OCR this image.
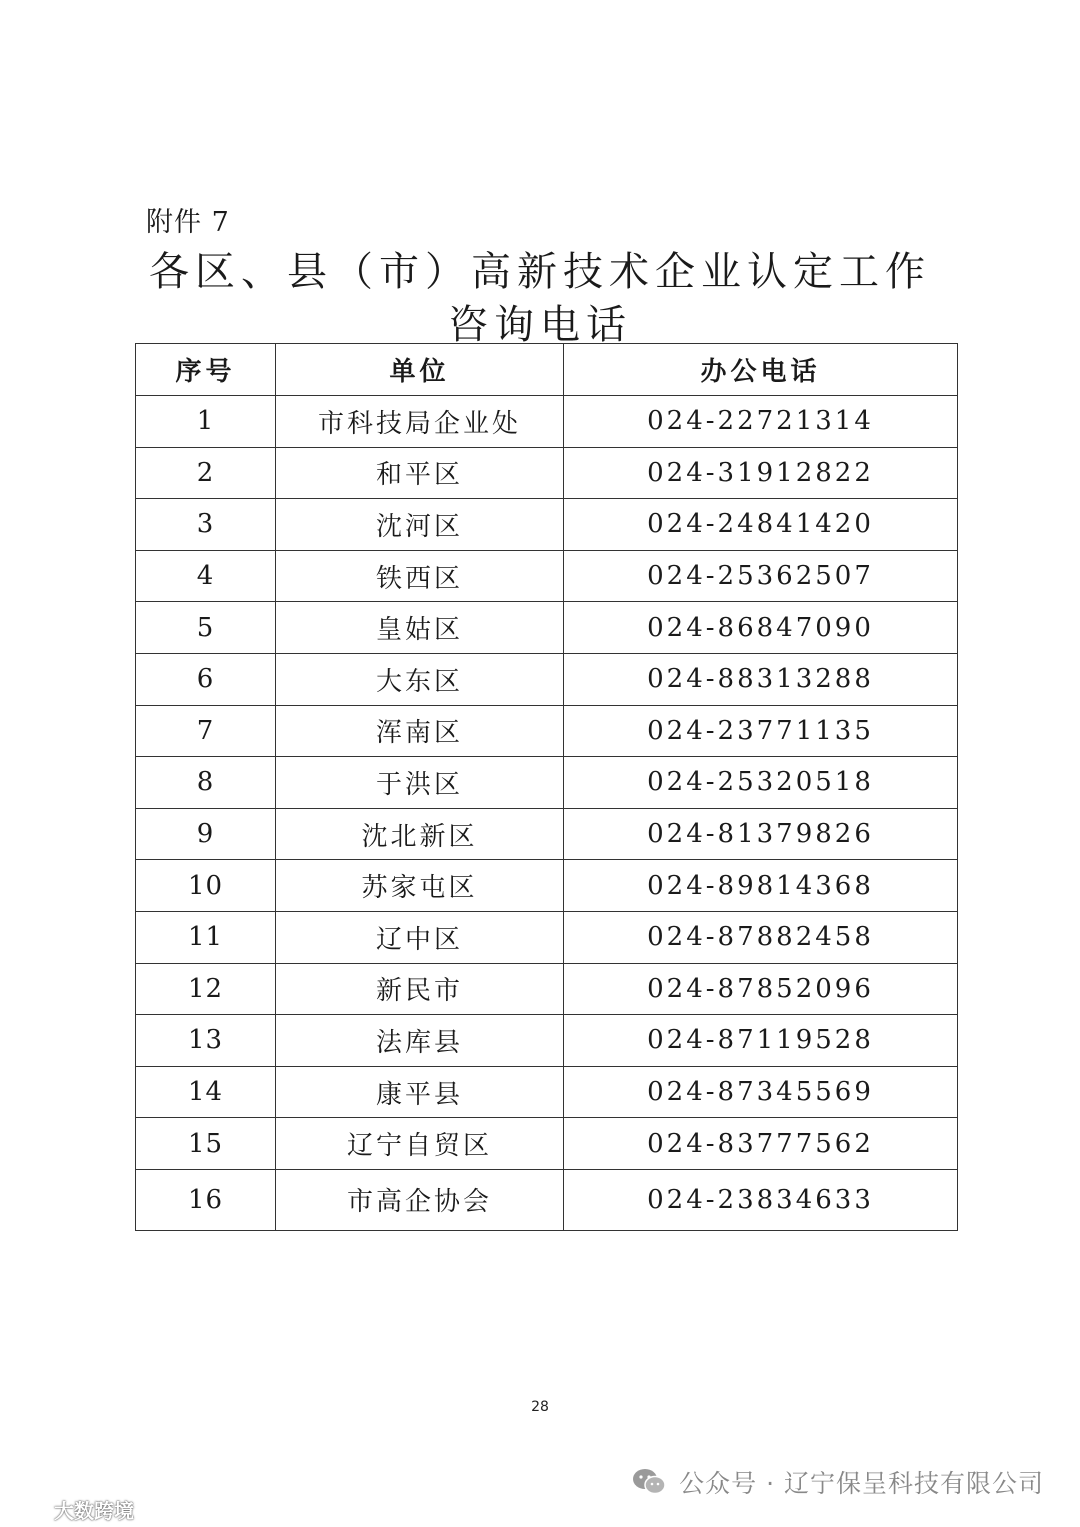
附件 7
各区、县（市）高新技术企业认定工作
咨询电话
序号	单位	办公电话
1	市科技局企业处	024-22721314
2	和平区	024-31912822
3	沈河区	024-24841420
4	铁西区	024-25362507
5	皇姑区	024-86847090
6	大东区	024-88313288
7	浑南区	024-23771135
8	于洪区	024-25320518
9	沈北新区	024-81379826
10	苏家屯区	024-89814368
11	辽中区	024-87882458
12	新民市	024-87852096
13	法库县	024-87119528
14	康平县	024-87345569
15	辽宁自贸区	024-83777562
16	市高企协会	024-23834633
28
公众号 · 辽宁保呈科技有限公司
大数跨境
